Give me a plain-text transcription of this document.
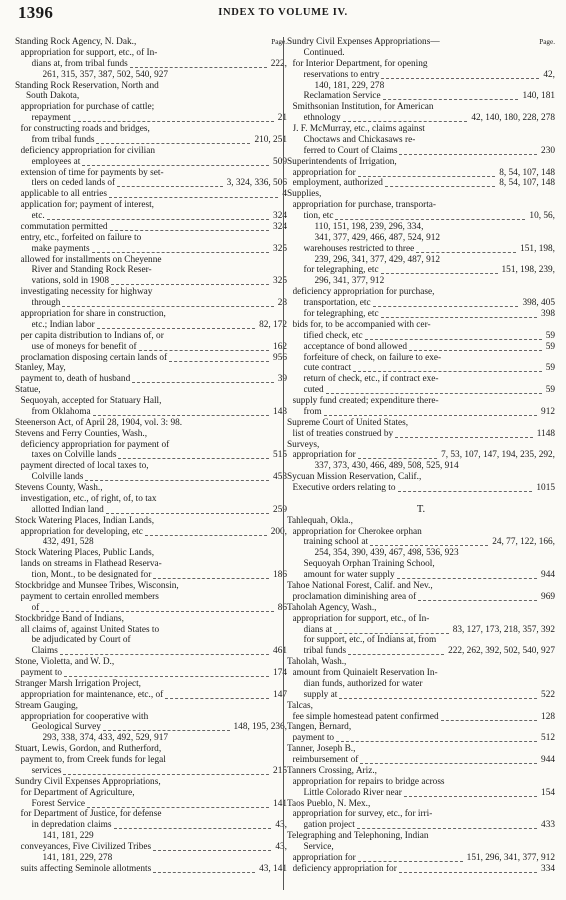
1396	INDEX TO VOLUME IV.
Standing Rock Agency, N. Dak.,	Page.
appropriation for support, etc., of In-
dians at, from tribal funds	222,
261, 315, 357, 387, 502, 540, 927
Standing Rock Reservation, North and
South Dakota,
appropriation for purchase of cattle;
repayment	21
for constructing roads and bridges,
from tribal funds	210, 251
deficiency appropriation for civilian
employees at	509
extension of time for payments by set-
tlers on ceded lands of	3, 324, 336, 506
applicable to all entries	4
application for; payment of interest,
etc.	324
commutation permitted	324
entry, etc., forfeited on failure to
make payments	325
allowed for installments on Cheyenne
River and Standing Rock Reser-
vations, sold in 1908	325
investigating necessity for highway
through	28
appropriation for share in construction,
etc.; Indian labor	82, 172
per capita distribution to Indians of, or
use of moneys for benefit of	162
proclamation disposing certain lands of	956
Stanley, May,
payment to, death of husband	39
Statue,
Sequoyah, accepted for Statuary Hall,
from Oklahoma	143
Steenerson Act, of April 28, 1904, vol. 3: 98.
Stevens and Ferry Counties, Wash.,
deficiency appropriation for payment of
taxes on Colville lands	515
payment directed of local taxes to,
Colville lands	453
Stevens County, Wash.,
investigation, etc., of right, of, to tax
allotted Indian land	259
Stock Watering Places, Indian Lands,
appropriation for developing, etc	200,
432, 491, 528
Stock Watering Places, Public Lands,
lands on streams in Flathead Reserva-
tion, Mont., to be designated for	186
Stockbridge and Munsee Tribes, Wisconsin,
payment to certain enrolled members
of	86
Stockbridge Band of Indians,
all claims of, against United States to
be adjudicated by Court of
Claims	461
Stone, Violetta, and W. D.,
payment to	174
Stranger Marsh Irrigation Project,
appropriation for maintenance, etc., of	147
Stream Gauging,
appropriation for cooperative with
Geological Survey	148, 195, 236,
293, 338, 374, 433, 492, 529, 917
Stuart, Lewis, Gordon, and Rutherford,
payment to, from Creek funds for legal
services	215
Sundry Civil Expenses Appropriations,
for Department of Agriculture,
Forest Service	141
for Department of Justice, for defense
in depredation claims	43,
141, 181, 229
conveyances, Five Civilized Tribes	43,
141, 181, 229, 278
suits affecting Seminole allotments	43, 141
Sundry Civil Expenses Appropriations—	Page.
Continued.
for Interior Department, for opening
reservations to entry	42,
140, 181, 229, 278
Reclamation Service	140, 181
Smithsonian Institution, for American
ethnology	42, 140, 180, 228, 278
J. F. McMurray, etc., claims against
Choctaws and Chickasaws re-
ferred to Court of Claims	230
Superintendents of Irrigation,
appropriation for	8, 54, 107, 148
employment, authorized	8, 54, 107, 148
Supplies,
appropriation for purchase, transporta-
tion, etc	10, 56,
110, 151, 198, 239, 296, 334,
341, 377, 429, 466, 487, 524, 912
warehouses restricted to three	151, 198,
239, 296, 341, 377, 429, 487, 912
for telegraphing, etc	151, 198, 239,
296, 341, 377, 912
deficiency appropriation for purchase,
transportation, etc	398, 405
for telegraphing, etc	398
bids for, to be accompanied with cer-
tified check, etc	59
acceptance of bond allowed	59
forfeiture of check, on failure to exe-
cute contract	59
return of check, etc., if contract exe-
cuted	59
supply fund created; expenditure there-
from	912
Supreme Court of United States,
list of treaties construed by	1148
Surveys,
appropriation for	7, 53, 107, 147, 194, 235, 292,
337, 373, 430, 466, 489, 508, 525, 914
Sycuan Mission Reservation, Calif.,
Executive orders relating to	1015
T.
Tahlequah, Okla.,
appropriation for Cherokee orphan
training school at	24, 77, 122, 166,
254, 354, 390, 439, 467, 498, 536, 923
Sequoyah Orphan Training School,
amount for water supply	944
Tahoe National Forest, Calif. and Nev.,
proclamation diminishing area of	969
Taholah Agency, Wash.,
appropriation for support, etc., of In-
dians at	83, 127, 173, 218, 357, 392
for support, etc., of Indians at, from
tribal funds	222, 262, 392, 502, 540, 927
Taholah, Wash.,
amount from Quinaielt Reservation In-
dian funds, authorized for water
supply at	522
Talcas,
fee simple homestead patent confirmed	128
Tangen, Bernard,
payment to	512
Tanner, Joseph B.,
reimbursement of	944
Tanners Crossing, Ariz.,
appropriation for repairs to bridge across
Little Colorado River near	154
Taos Pueblo, N. Mex.,
appropriation for survey, etc., for irri-
gation project	433
Telegraphing and Telephoning, Indian
Service,
appropriation for	151, 296, 341, 377, 912
deficiency appropriation for	334
